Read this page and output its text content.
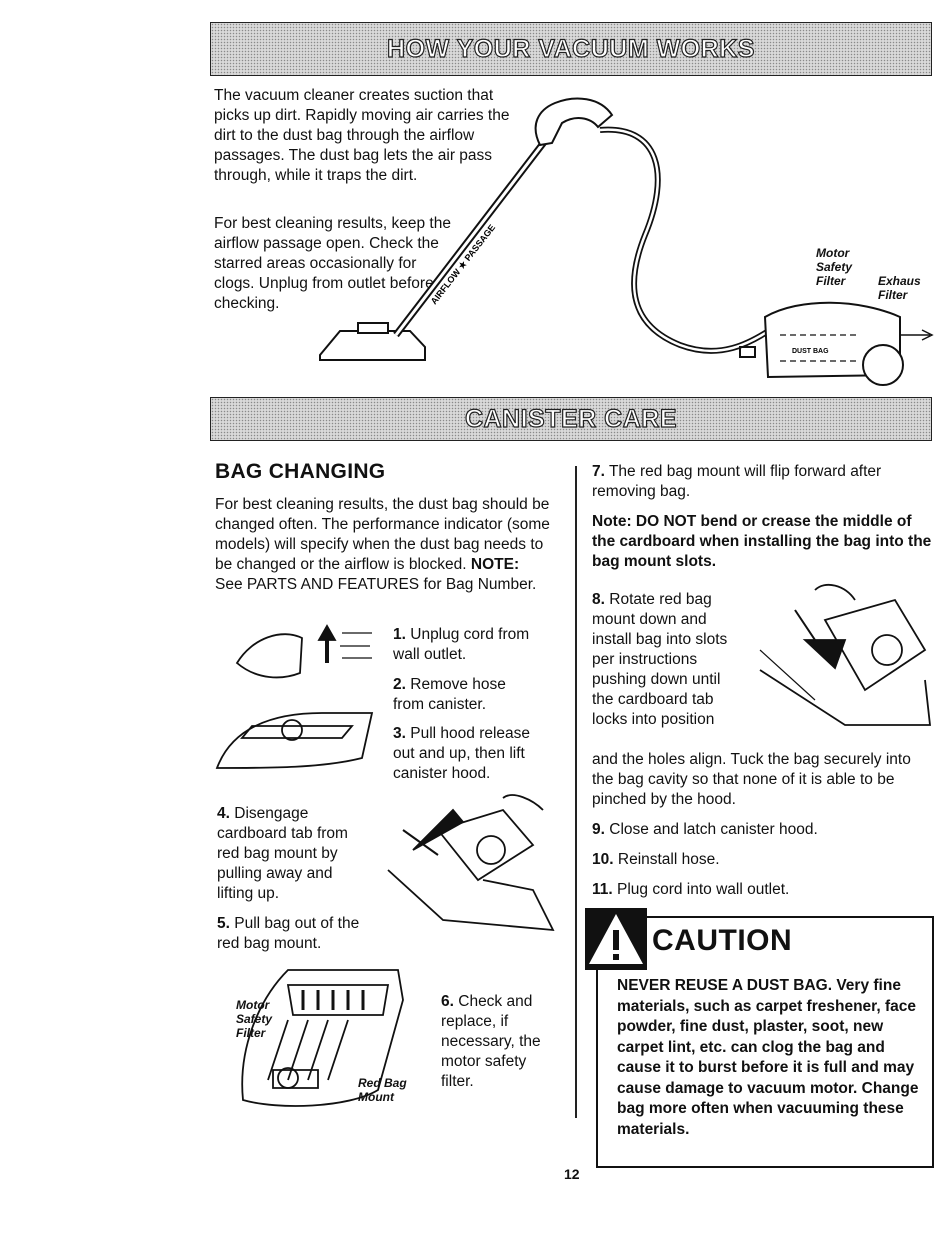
HOW YOUR VACUUM WORKS
The vacuum cleaner creates suction that picks up dirt. Rapidly moving air carries the dirt to the dust bag through the airflow passages. The dust bag lets the air pass through, while it traps the dirt.
For best cleaning results, keep the airflow passage open. Check the starred areas occasionally for clogs. Unplug from outlet before checking.	AIRFLOW ★ PASSAGE
DUST BAG
Motor Safety Filter	Exhaus Filter
CANISTER CARE
BAG CHANGING
For best cleaning results, the dust bag should be changed often. The performance indicator (some models) will specify when the dust bag needs to be changed or the airflow is blocked. NOTE: See PARTS AND FEATURES for Bag Number.
1. Unplug cord from wall outlet.
2. Remove hose from canister.
3. Pull hood release out and up, then lift canister hood.
4. Disengage cardboard tab from red bag mount by pulling away and lifting up.
5. Pull bag out of the red bag mount.
Motor Safety Filter
Red Bag Mount
6. Check and replace, if necessary, the motor safety filter.
7. The red bag mount will flip forward after removing bag.
Note: DO NOT bend or crease the middle of the cardboard when installing the bag into the bag mount slots.
8. Rotate red bag mount down and install bag into slots per instructions pushing down until the cardboard tab locks into position
and the holes align. Tuck the bag securely into the bag cavity so that none of it is able to be pinched by the hood.
9. Close and latch canister hood.
10. Reinstall hose.
11. Plug cord into wall outlet.
CAUTION
NEVER REUSE A DUST BAG. Very fine materials, such as carpet freshener, face powder, fine dust, plaster, soot, new carpet lint, etc. can clog the bag and cause it to burst before it is full and may cause damage to vacuum motor. Change bag more often when vacuuming these materials.
12
